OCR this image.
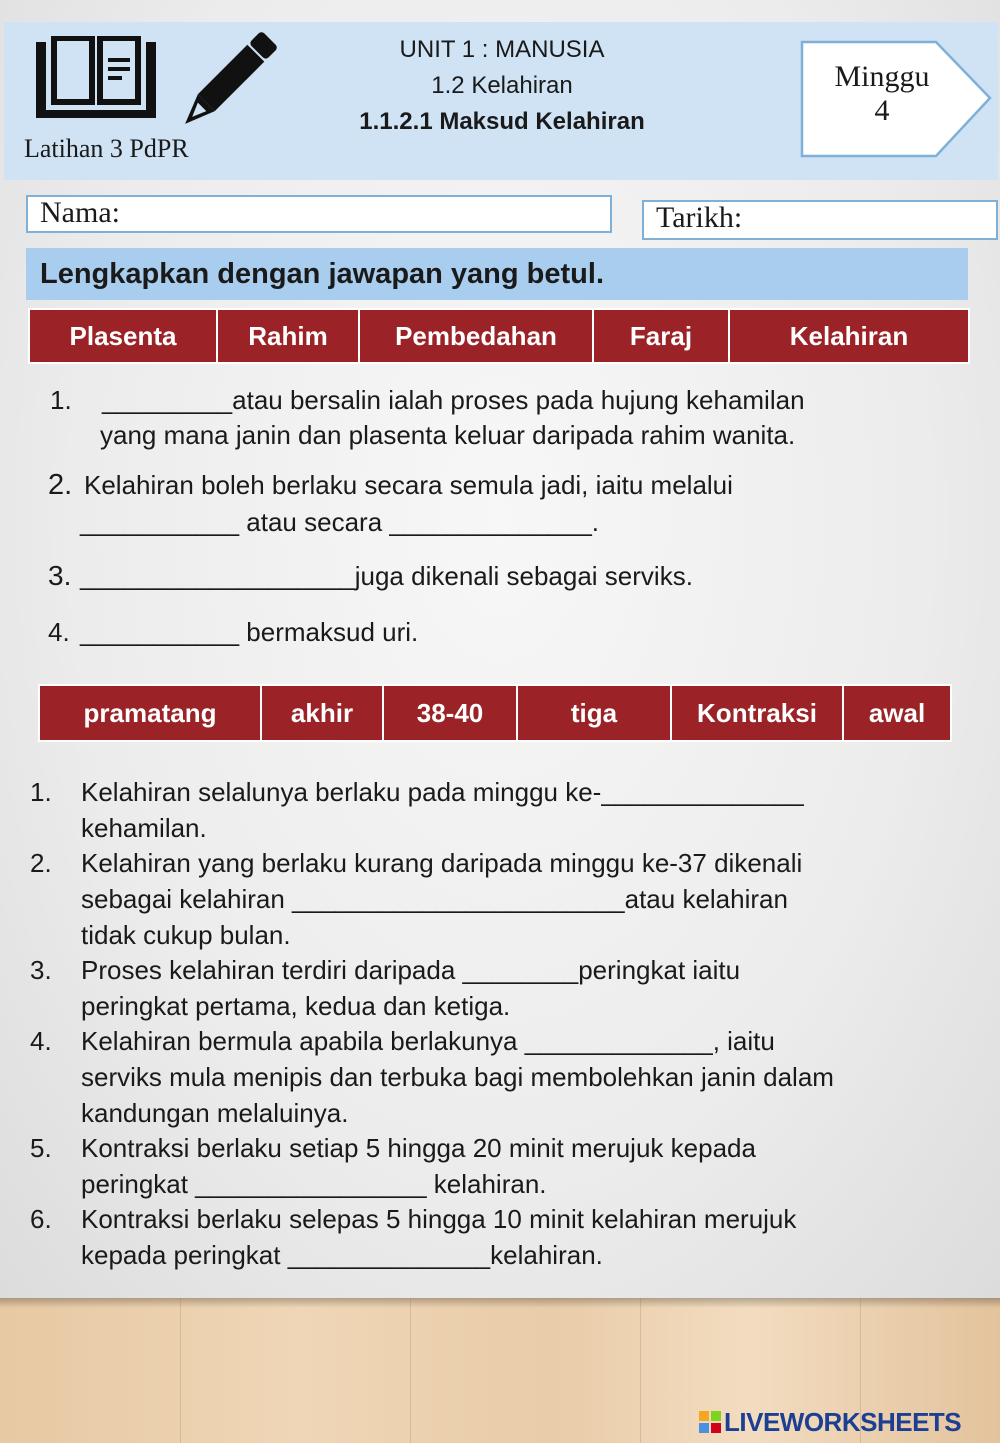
Latihan 3 PdPR
UNIT 1 : MANUSIA
1.2 Kelahiran
1.1.2.1 Maksud Kelahiran
Minggu
4
Nama:	Tarikh:
Lengkapkan dengan jawapan yang betul.
Plasenta	Rahim	Pembedahan	Faraj	Kelahiran
1. _________atau bersalin ialah proses pada hujung kehamilan
yang mana janin dan plasenta keluar daripada rahim wanita.
2. Kelahiran boleh berlaku secara semula jadi, iaitu melalui
___________ atau secara ______________.
3. ___________________juga dikenali sebagai serviks.
4. ___________ bermaksud uri.
pramatang	akhir	38-40	tiga	Kontraksi	awal
1. Kelahiran selalunya berlaku pada minggu ke-______________
kehamilan.
2. Kelahiran yang berlaku kurang daripada minggu ke-37 dikenali
sebagai kelahiran _______________________atau kelahiran
tidak cukup bulan.
3. Proses kelahiran terdiri daripada ________peringkat iaitu
peringkat pertama, kedua dan ketiga.
4. Kelahiran bermula apabila berlakunya _____________, iaitu
serviks mula menipis dan terbuka bagi membolehkan janin dalam
kandungan melaluinya.
5. Kontraksi berlaku setiap 5 hingga 20 minit merujuk kepada
peringkat ________________ kelahiran.
6. Kontraksi berlaku selepas 5 hingga 10 minit kelahiran merujuk
kepada peringkat ______________kelahiran.
LIVEWORKSHEETS
